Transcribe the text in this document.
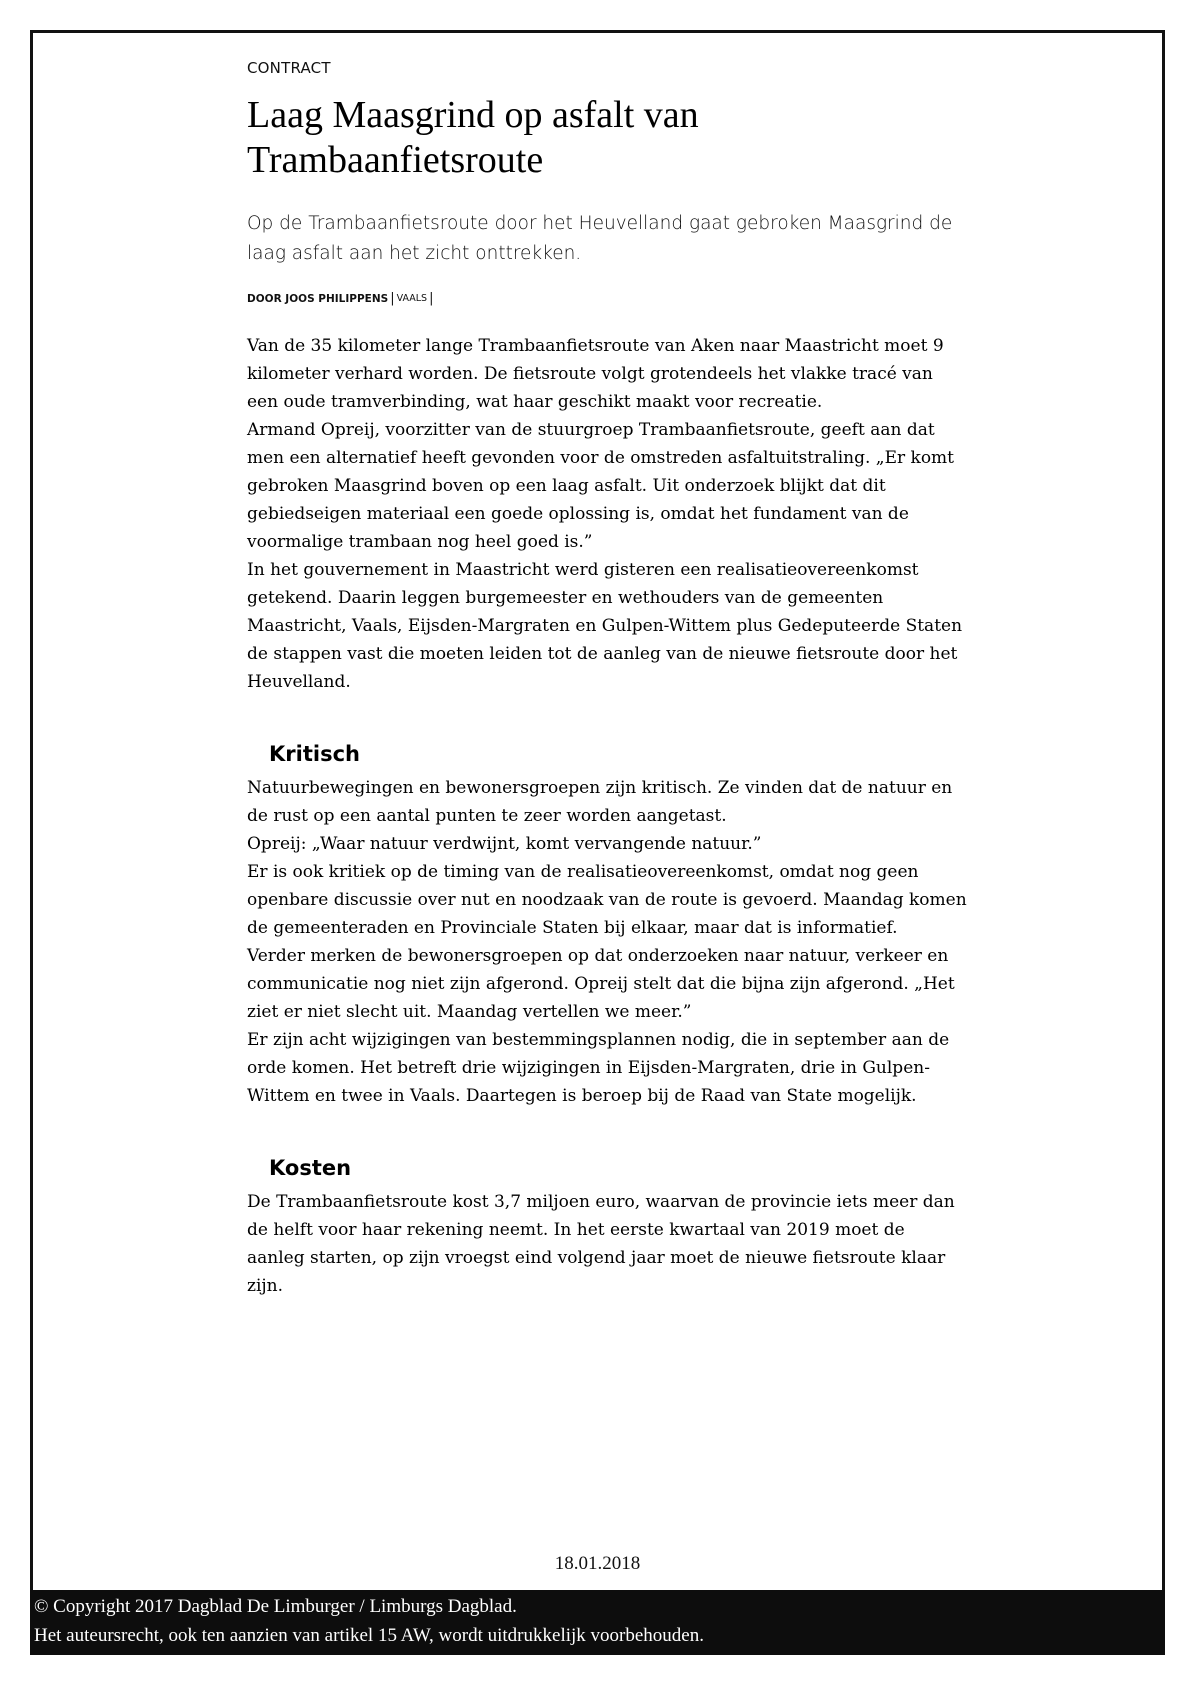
CONTRACT

Laag Maasgrind op asfalt van Trambaanfietsroute

Op de Trambaanfietsroute door het Heuvelland gaat gebroken Maasgrind de laag asfalt aan het zicht onttrekken.

DOOR JOOS PHILIPPENS | VAALS |

Van de 35 kilometer lange Trambaanfietsroute van Aken naar Maastricht moet 9 kilometer verhard worden. De fietsroute volgt grotendeels het vlakke tracé van een oude tramverbinding, wat haar geschikt maakt voor recreatie.

Armand Opreij, voorzitter van de stuurgroep Trambaanfietsroute, geeft aan dat men een alternatief heeft gevonden voor de omstreden asfaltuitstraling. „Er komt gebroken Maasgrind boven op een laag asfalt. Uit onderzoek blijkt dat dit gebiedseigen materiaal een goede oplossing is, omdat het fundament van de voormalige trambaan nog heel goed is.”

In het gouvernement in Maastricht werd gisteren een realisatieovereenkomst getekend. Daarin leggen burgemeester en wethouders van de gemeenten Maastricht, Vaals, Eijsden-Margraten en Gulpen-Wittem plus Gedeputeerde Staten de stappen vast die moeten leiden tot de aanleg van de nieuwe fietsroute door het Heuvelland.

Kritisch

Natuurbewegingen en bewonersgroepen zijn kritisch. Ze vinden dat de natuur en de rust op een aantal punten te zeer worden aangetast.

Opreij: „Waar natuur verdwijnt, komt vervangende natuur.”

Er is ook kritiek op de timing van de realisatieovereenkomst, omdat nog geen openbare discussie over nut en noodzaak van de route is gevoerd. Maandag komen de gemeenteraden en Provinciale Staten bij elkaar, maar dat is informatief.

Verder merken de bewonersgroepen op dat onderzoeken naar natuur, verkeer en communicatie nog niet zijn afgerond. Opreij stelt dat die bijna zijn afgerond. „Het ziet er niet slecht uit. Maandag vertellen we meer.”

Er zijn acht wijzigingen van bestemmingsplannen nodig, die in september aan de orde komen. Het betreft drie wijzigingen in Eijsden-Margraten, drie in Gulpen-Wittem en twee in Vaals. Daartegen is beroep bij de Raad van State mogelijk.

Kosten

De Trambaanfietsroute kost 3,7 miljoen euro, waarvan de provincie iets meer dan de helft voor haar rekening neemt. In het eerste kwartaal van 2019 moet de aanleg starten, op zijn vroegst eind volgend jaar moet de nieuwe fietsroute klaar zijn.

18.01.2018
© Copyright 2017 Dagblad De Limburger / Limburgs Dagblad.
Het auteursrecht, ook ten aanzien van artikel 15 AW, wordt uitdrukkelijk voorbehouden.
